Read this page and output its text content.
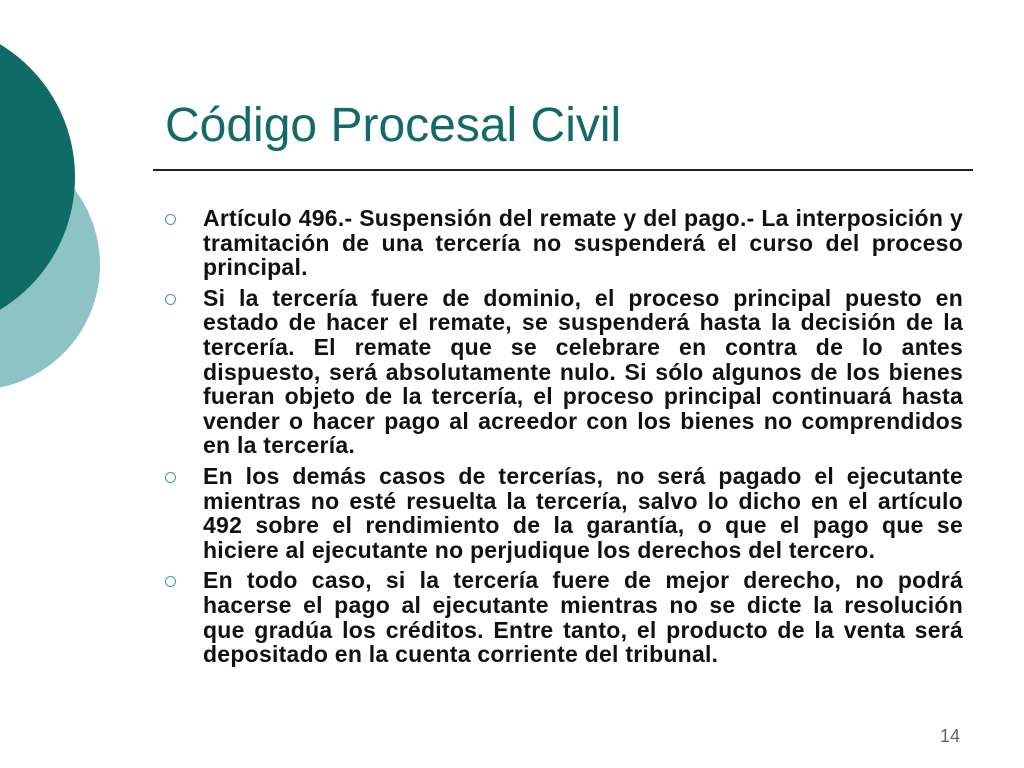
Código Procesal Civil
Artículo 496.- Suspensión del remate y del pago.- La interposición y tramitación de una tercería no suspenderá el curso del proceso principal.
Si la tercería fuere de dominio, el proceso principal puesto en estado de hacer el remate, se suspenderá hasta la decisión de la tercería. El remate que se celebrare en contra de lo antes dispuesto, será absolutamente nulo. Si sólo algunos de los bienes fueran objeto de la tercería, el proceso principal continuará hasta vender o hacer pago al acreedor con los bienes no comprendidos en la tercería.
En los demás casos de tercerías, no será pagado el ejecutante mientras no esté resuelta la tercería, salvo lo dicho en el artículo 492 sobre el rendimiento de la garantía, o que el pago que se hiciere al ejecutante no perjudique los derechos del tercero.
En todo caso, si la tercería fuere de mejor derecho, no podrá hacerse el pago al ejecutante mientras no se dicte la resolución que gradúa los créditos. Entre tanto, el producto de la venta será depositado en la cuenta corriente del tribunal.
14
